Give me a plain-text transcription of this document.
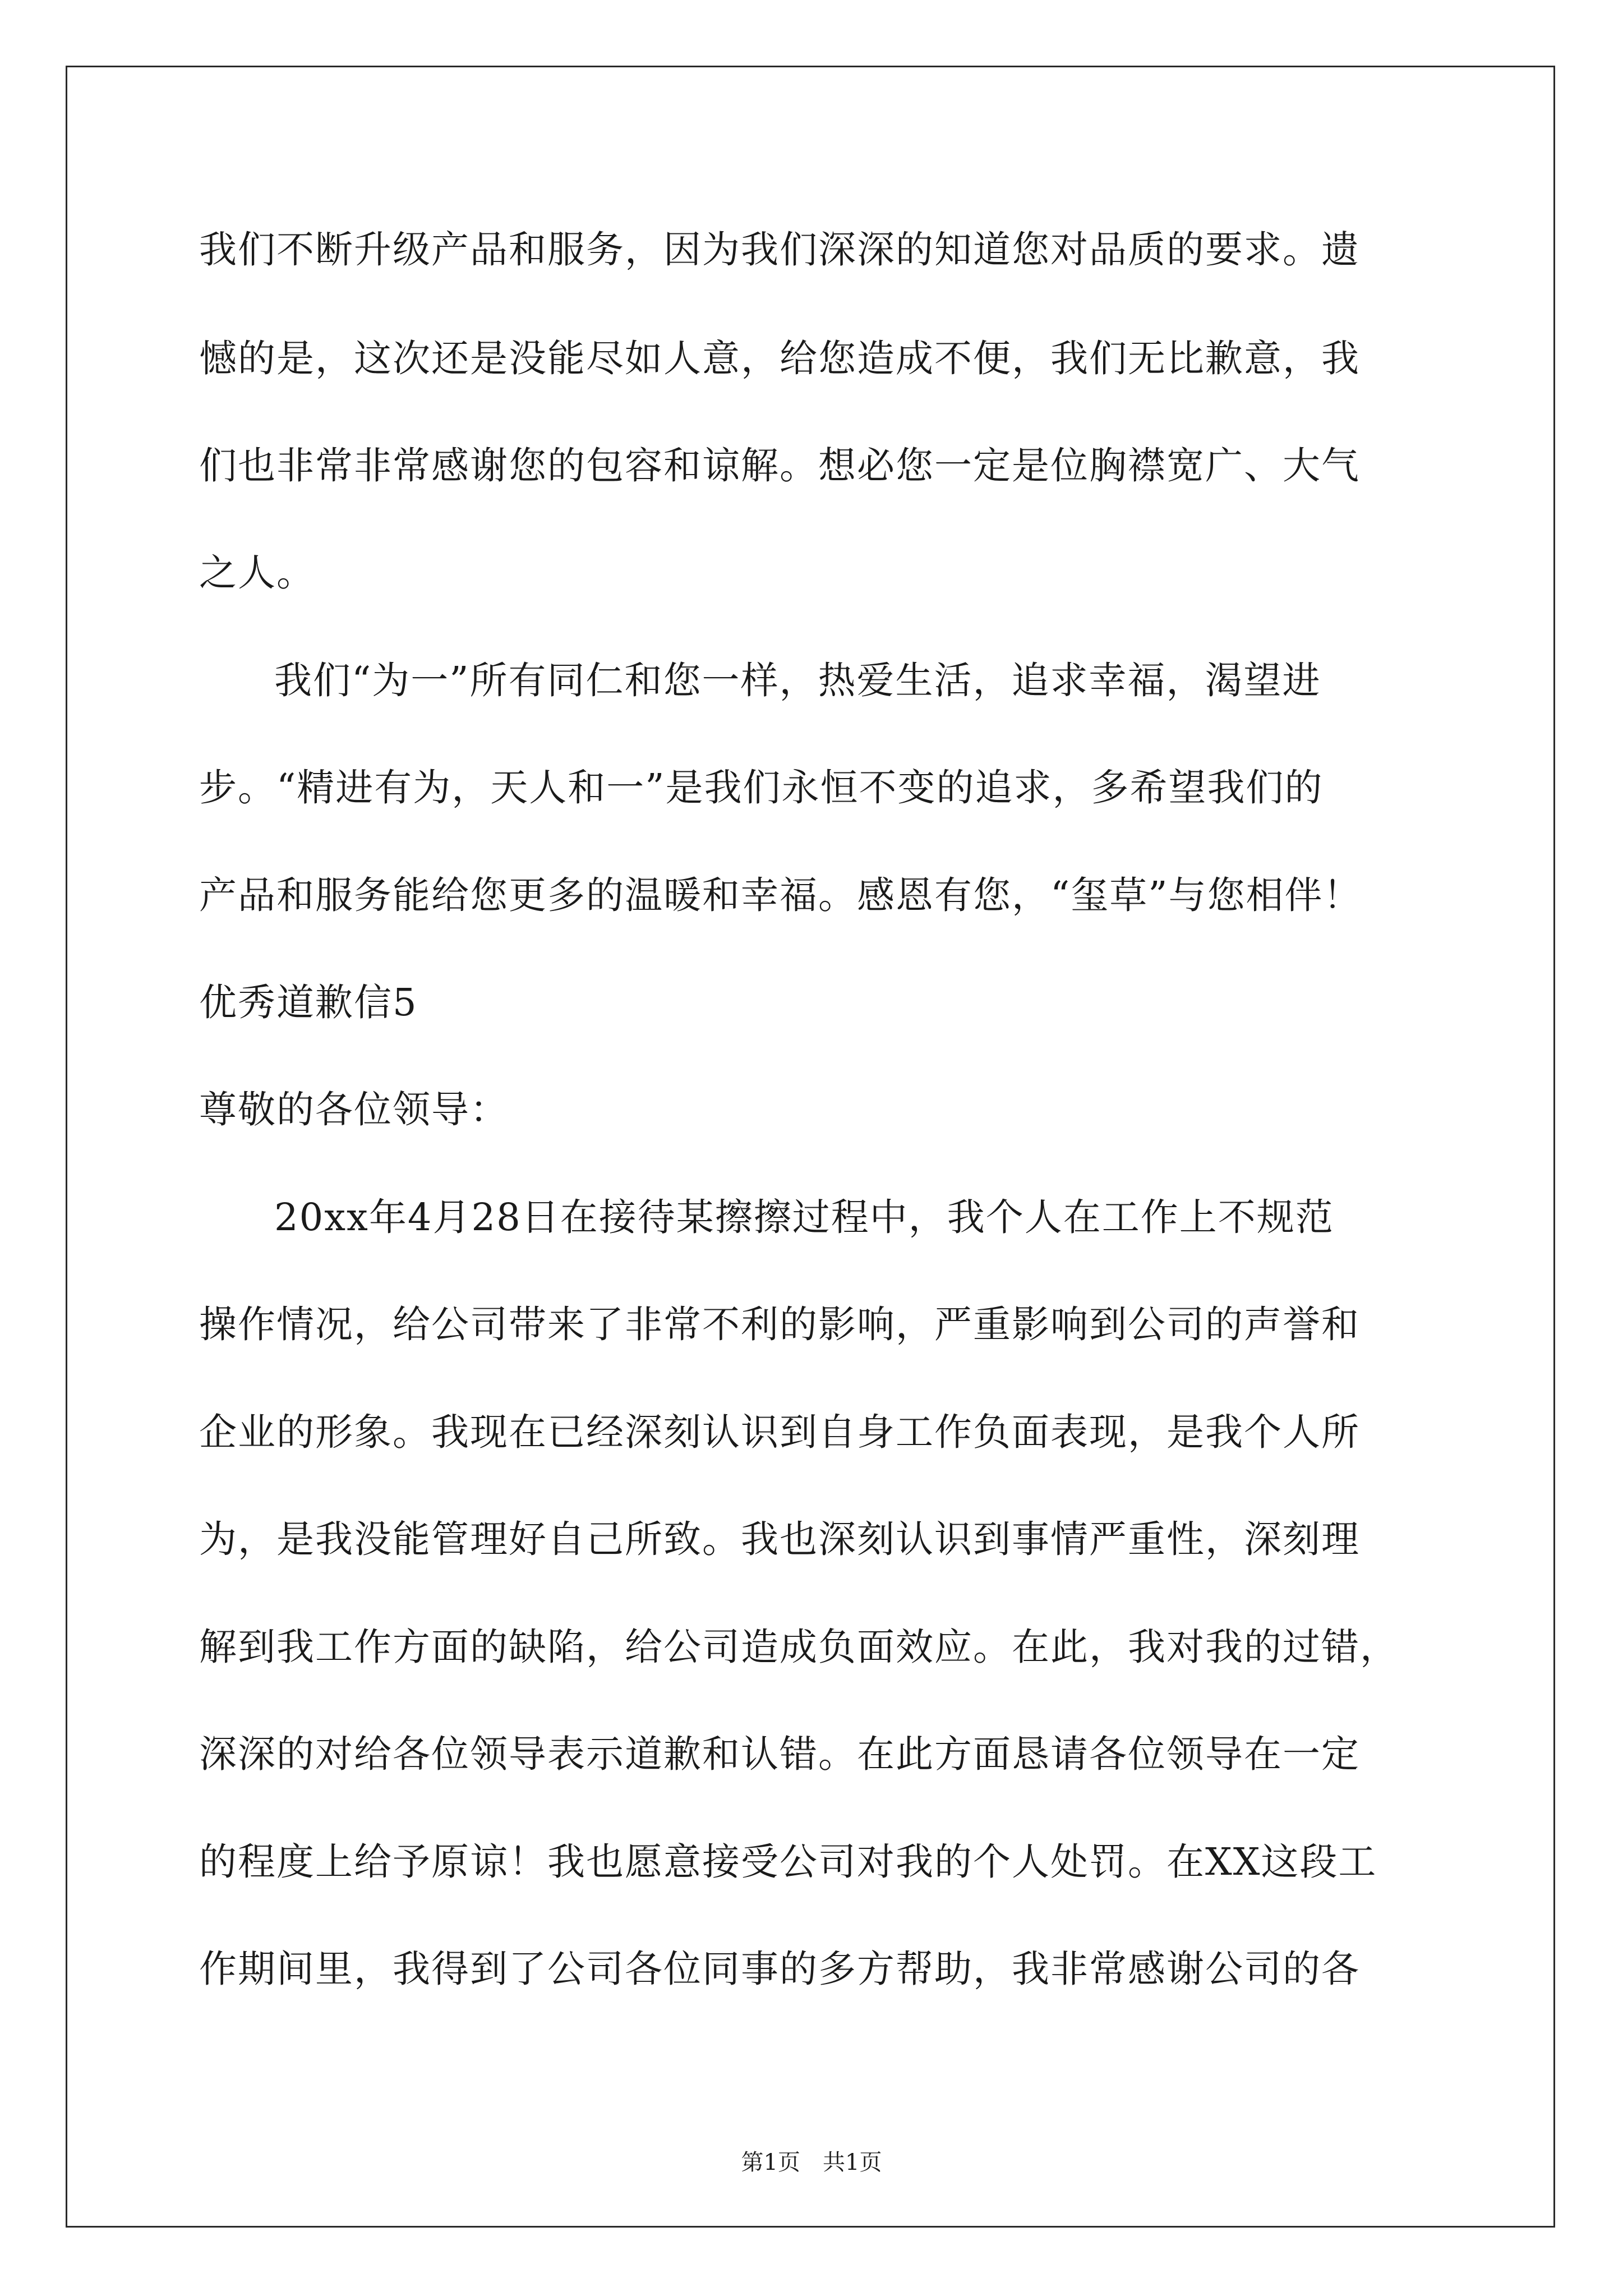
我们不断升级产品和服务，因为我们深深的知道您对品质的要求。遗

憾的是，这次还是没能尽如人意，给您造成不便，我们无比歉意，我

们也非常非常感谢您的包容和谅解。想必您一定是位胸襟宽广、大气

之人。

我们“为一”所有同仁和您一样，热爱生活，追求幸福，渴望进

步。“精进有为，天人和一”是我们永恒不变的追求，多希望我们的

产品和服务能给您更多的温暖和幸福。感恩有您，“玺草”与您相伴！

优秀道歉信5

尊敬的各位领导：

20xx年4月28日在接待某擦擦过程中，我个人在工作上不规范

操作情况，给公司带来了非常不利的影响，严重影响到公司的声誉和

企业的形象。我现在已经深刻认识到自身工作负面表现，是我个人所

为，是我没能管理好自己所致。我也深刻认识到事情严重性，深刻理

解到我工作方面的缺陷，给公司造成负面效应。在此，我对我的过错，

深深的对给各位领导表示道歉和认错。在此方面恳请各位领导在一定

的程度上给予原谅！我也愿意接受公司对我的个人处罚。在XX这段工

作期间里，我得到了公司各位同事的多方帮助，我非常感谢公司的各

第1页　共1页
